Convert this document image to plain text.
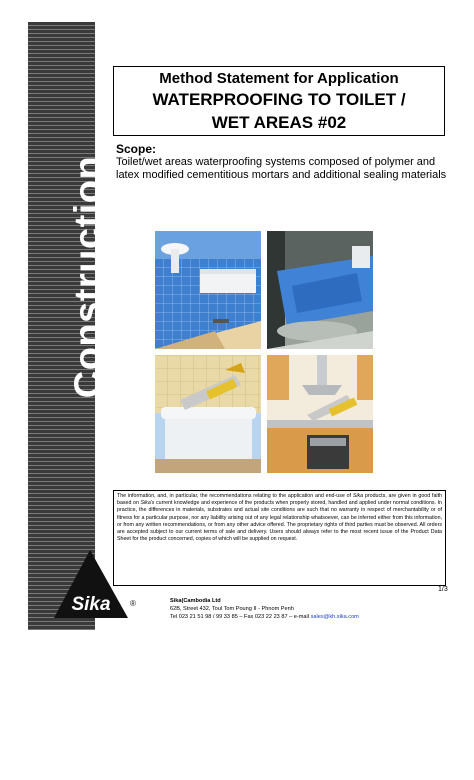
Construction
Method Statement for Application
WATERPROOFING TO TOILET /
WET AREAS #02
Scope:
Toilet/wet areas waterproofing systems composed of polymer and latex modified cementitious mortars and additional sealing materials
The information, and, in particular, the recommendations relating to the application and end-use of Sika products, are given in good faith based on Sika's current knowledge and experience of the products when properly stored, handled and applied under normal conditions. In practice, the differences in materials, substrates and actual site conditions are such that no warranty in respect of merchantability or of fitness for a particular purpose, nor any liability arising out of any legal relationship whatsoever, can be inferred either from this information, or from any written recommendations, or from any other advice offered. The proprietary rights of third parties must be observed. All orders are accepted subject to our current terms of sale and delivery. Users should always refer to the most recent issue of the Product Data Sheet for the product concerned, copies of which will be supplied on request.
Sika ®
1/3
Sika(Cambodia Ltd
62B, Street 432, Toul Tom Poung II - Phnom Penh
Tel 023 21 51 98 / 99 33 85 – Fax 023 22 23 87 – e-mail sales@kh.sika.com
